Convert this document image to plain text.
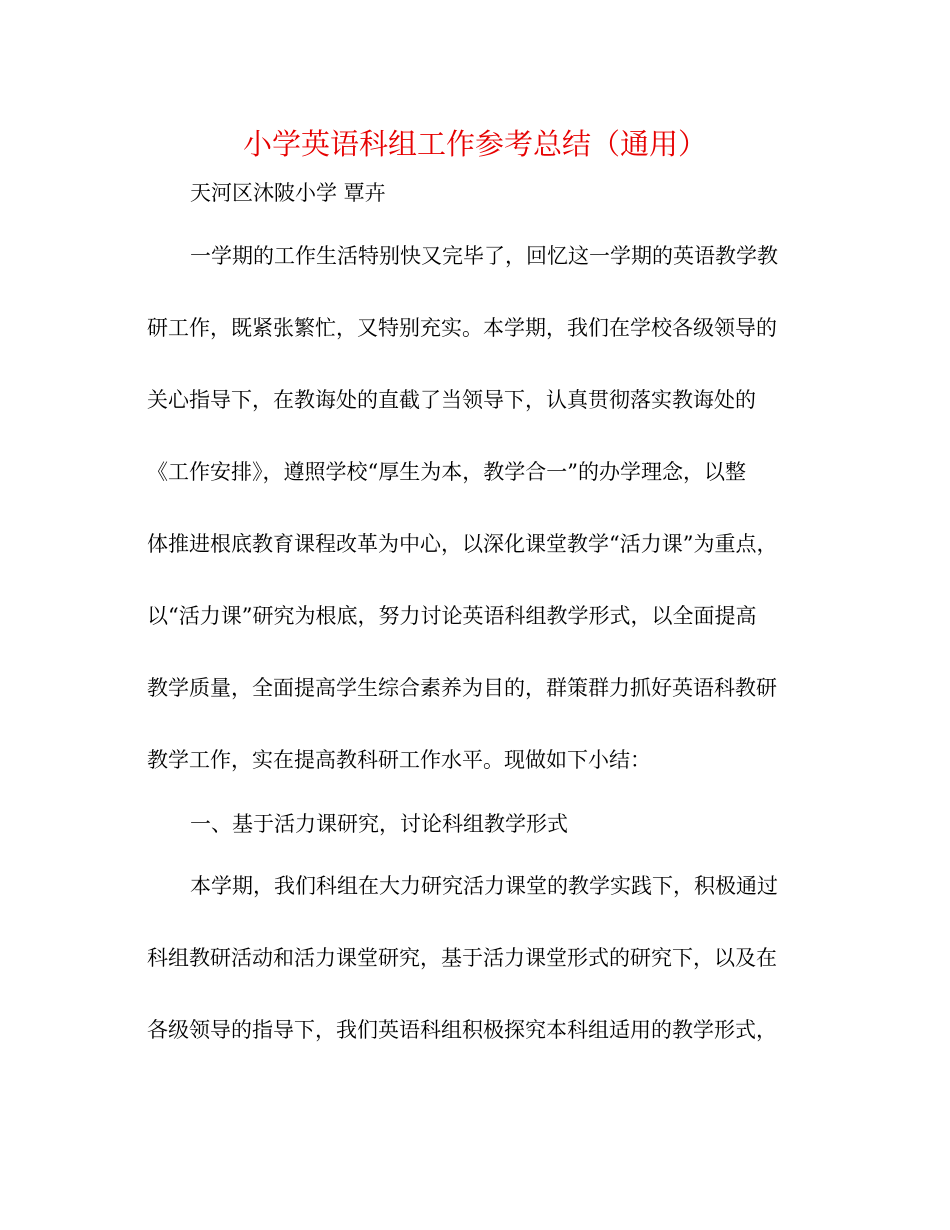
小学英语科组工作参考总结（通用）
天河区沐陂小学 覃卉
一学期的工作生活特别快又完毕了，回忆这一学期的英语教学教
研工作，既紧张繁忙，又特别充实。本学期，我们在学校各级领导的
关心指导下，在教诲处的直截了当领导下，认真贯彻落实教诲处的
《工作安排》，遵照学校“厚生为本，教学合一”的办学理念，以整
体推进根底教育课程改革为中心，以深化课堂教学“活力课”为重点，
以“活力课”研究为根底，努力讨论英语科组教学形式，以全面提高
教学质量，全面提高学生综合素养为目的，群策群力抓好英语科教研
教学工作，实在提高教科研工作水平。现做如下小结：
一、基于活力课研究，讨论科组教学形式
本学期，我们科组在大力研究活力课堂的教学实践下，积极通过
科组教研活动和活力课堂研究，基于活力课堂形式的研究下，以及在
各级领导的指导下，我们英语科组积极探究本科组适用的教学形式，
